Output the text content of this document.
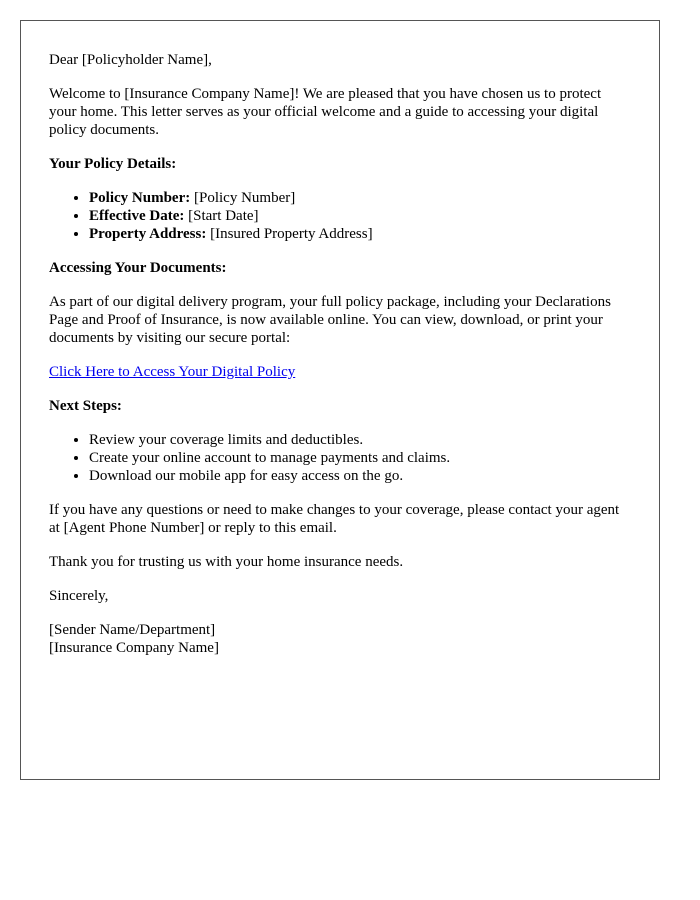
Dear [Policyholder Name],

Welcome to [Insurance Company Name]! We are pleased that you have chosen us to protect your home. This letter serves as your official welcome and a guide to accessing your digital policy documents.

Your Policy Details:

• Policy Number: [Policy Number]
• Effective Date: [Start Date]
• Property Address: [Insured Property Address]

Accessing Your Documents:

As part of our digital delivery program, your full policy package, including your Declarations Page and Proof of Insurance, is now available online. You can view, download, or print your documents by visiting our secure portal:

Click Here to Access Your Digital Policy

Next Steps:

• Review your coverage limits and deductibles.
• Create your online account to manage payments and claims.
• Download our mobile app for easy access on the go.

If you have any questions or need to make changes to your coverage, please contact your agent at [Agent Phone Number] or reply to this email.

Thank you for trusting us with your home insurance needs.

Sincerely,

[Sender Name/Department]
[Insurance Company Name]
